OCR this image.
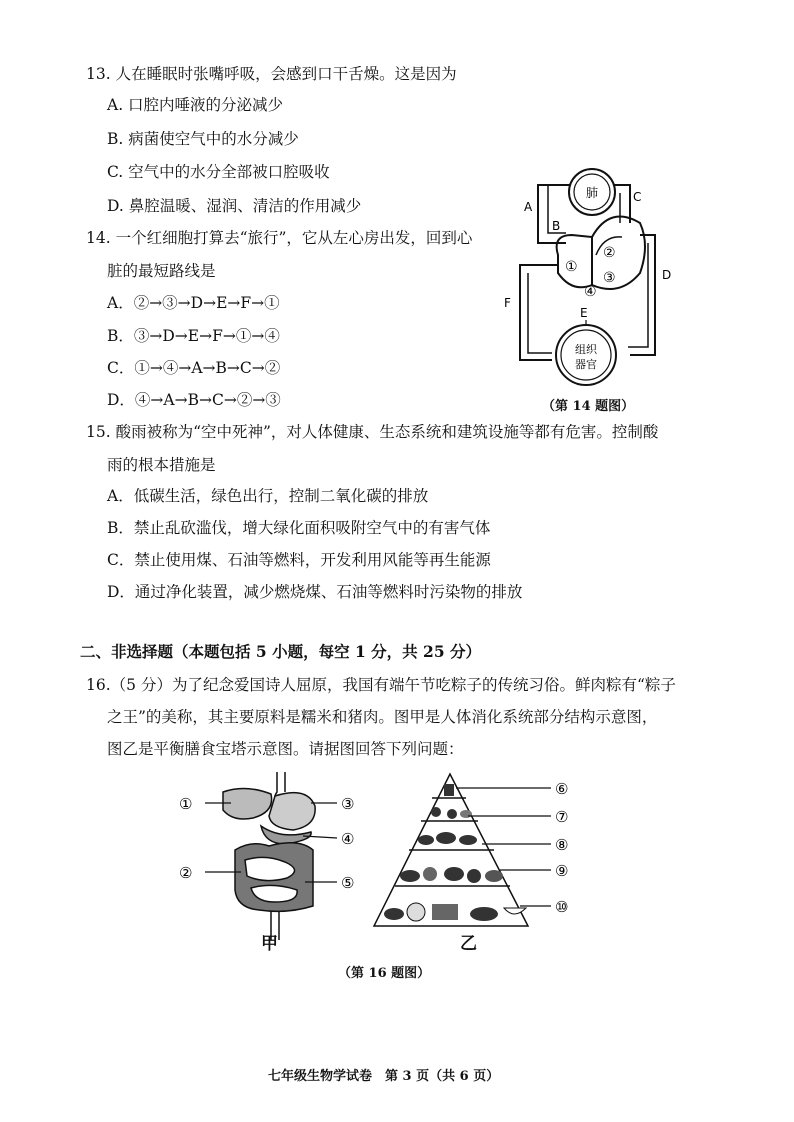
13. 人在睡眠时张嘴呼吸，会感到口干舌燥。这是因为
A. 口腔内唾液的分泌减少
B. 病菌使空气中的水分减少
C. 空气中的水分全部被口腔吸收
D. 鼻腔温暖、湿润、清洁的作用减少
14. 一个红细胞打算去“旅行”，它从左心房出发，回到心
脏的最短路线是
A．②→③→D→E→F→①
B．③→D→E→F→①→④
C．①→④→A→B→C→②
D．④→A→B→C→②→③
肺
组织
器官
A
B
C
D
E
F
①
②
③
④
（第 14 题图）
15. 酸雨被称为“空中死神”，对人体健康、生态系统和建筑设施等都有危害。控制酸
雨的根本措施是
A．低碳生活，绿色出行，控制二氧化碳的排放
B．禁止乱砍滥伐，增大绿化面积吸附空气中的有害气体
C．禁止使用煤、石油等燃料，开发利用风能等再生能源
D．通过净化装置，减少燃烧煤、石油等燃料时污染物的排放
二、非选择题（本题包括 5 小题，每空 1 分，共 25 分）
16.（5 分）为了纪念爱国诗人屈原，我国有端午节吃粽子的传统习俗。鲜肉粽有“粽子
之王”的美称，其主要原料是糯米和猪肉。图甲是人体消化系统部分结构示意图，
图乙是平衡膳食宝塔示意图。请据图回答下列问题：
①
②
③
④
⑤
甲
⑥
⑦
⑧
⑨
⑩
乙
（第 16 题图）
七年级生物学试卷　第 3 页（共 6 页）
